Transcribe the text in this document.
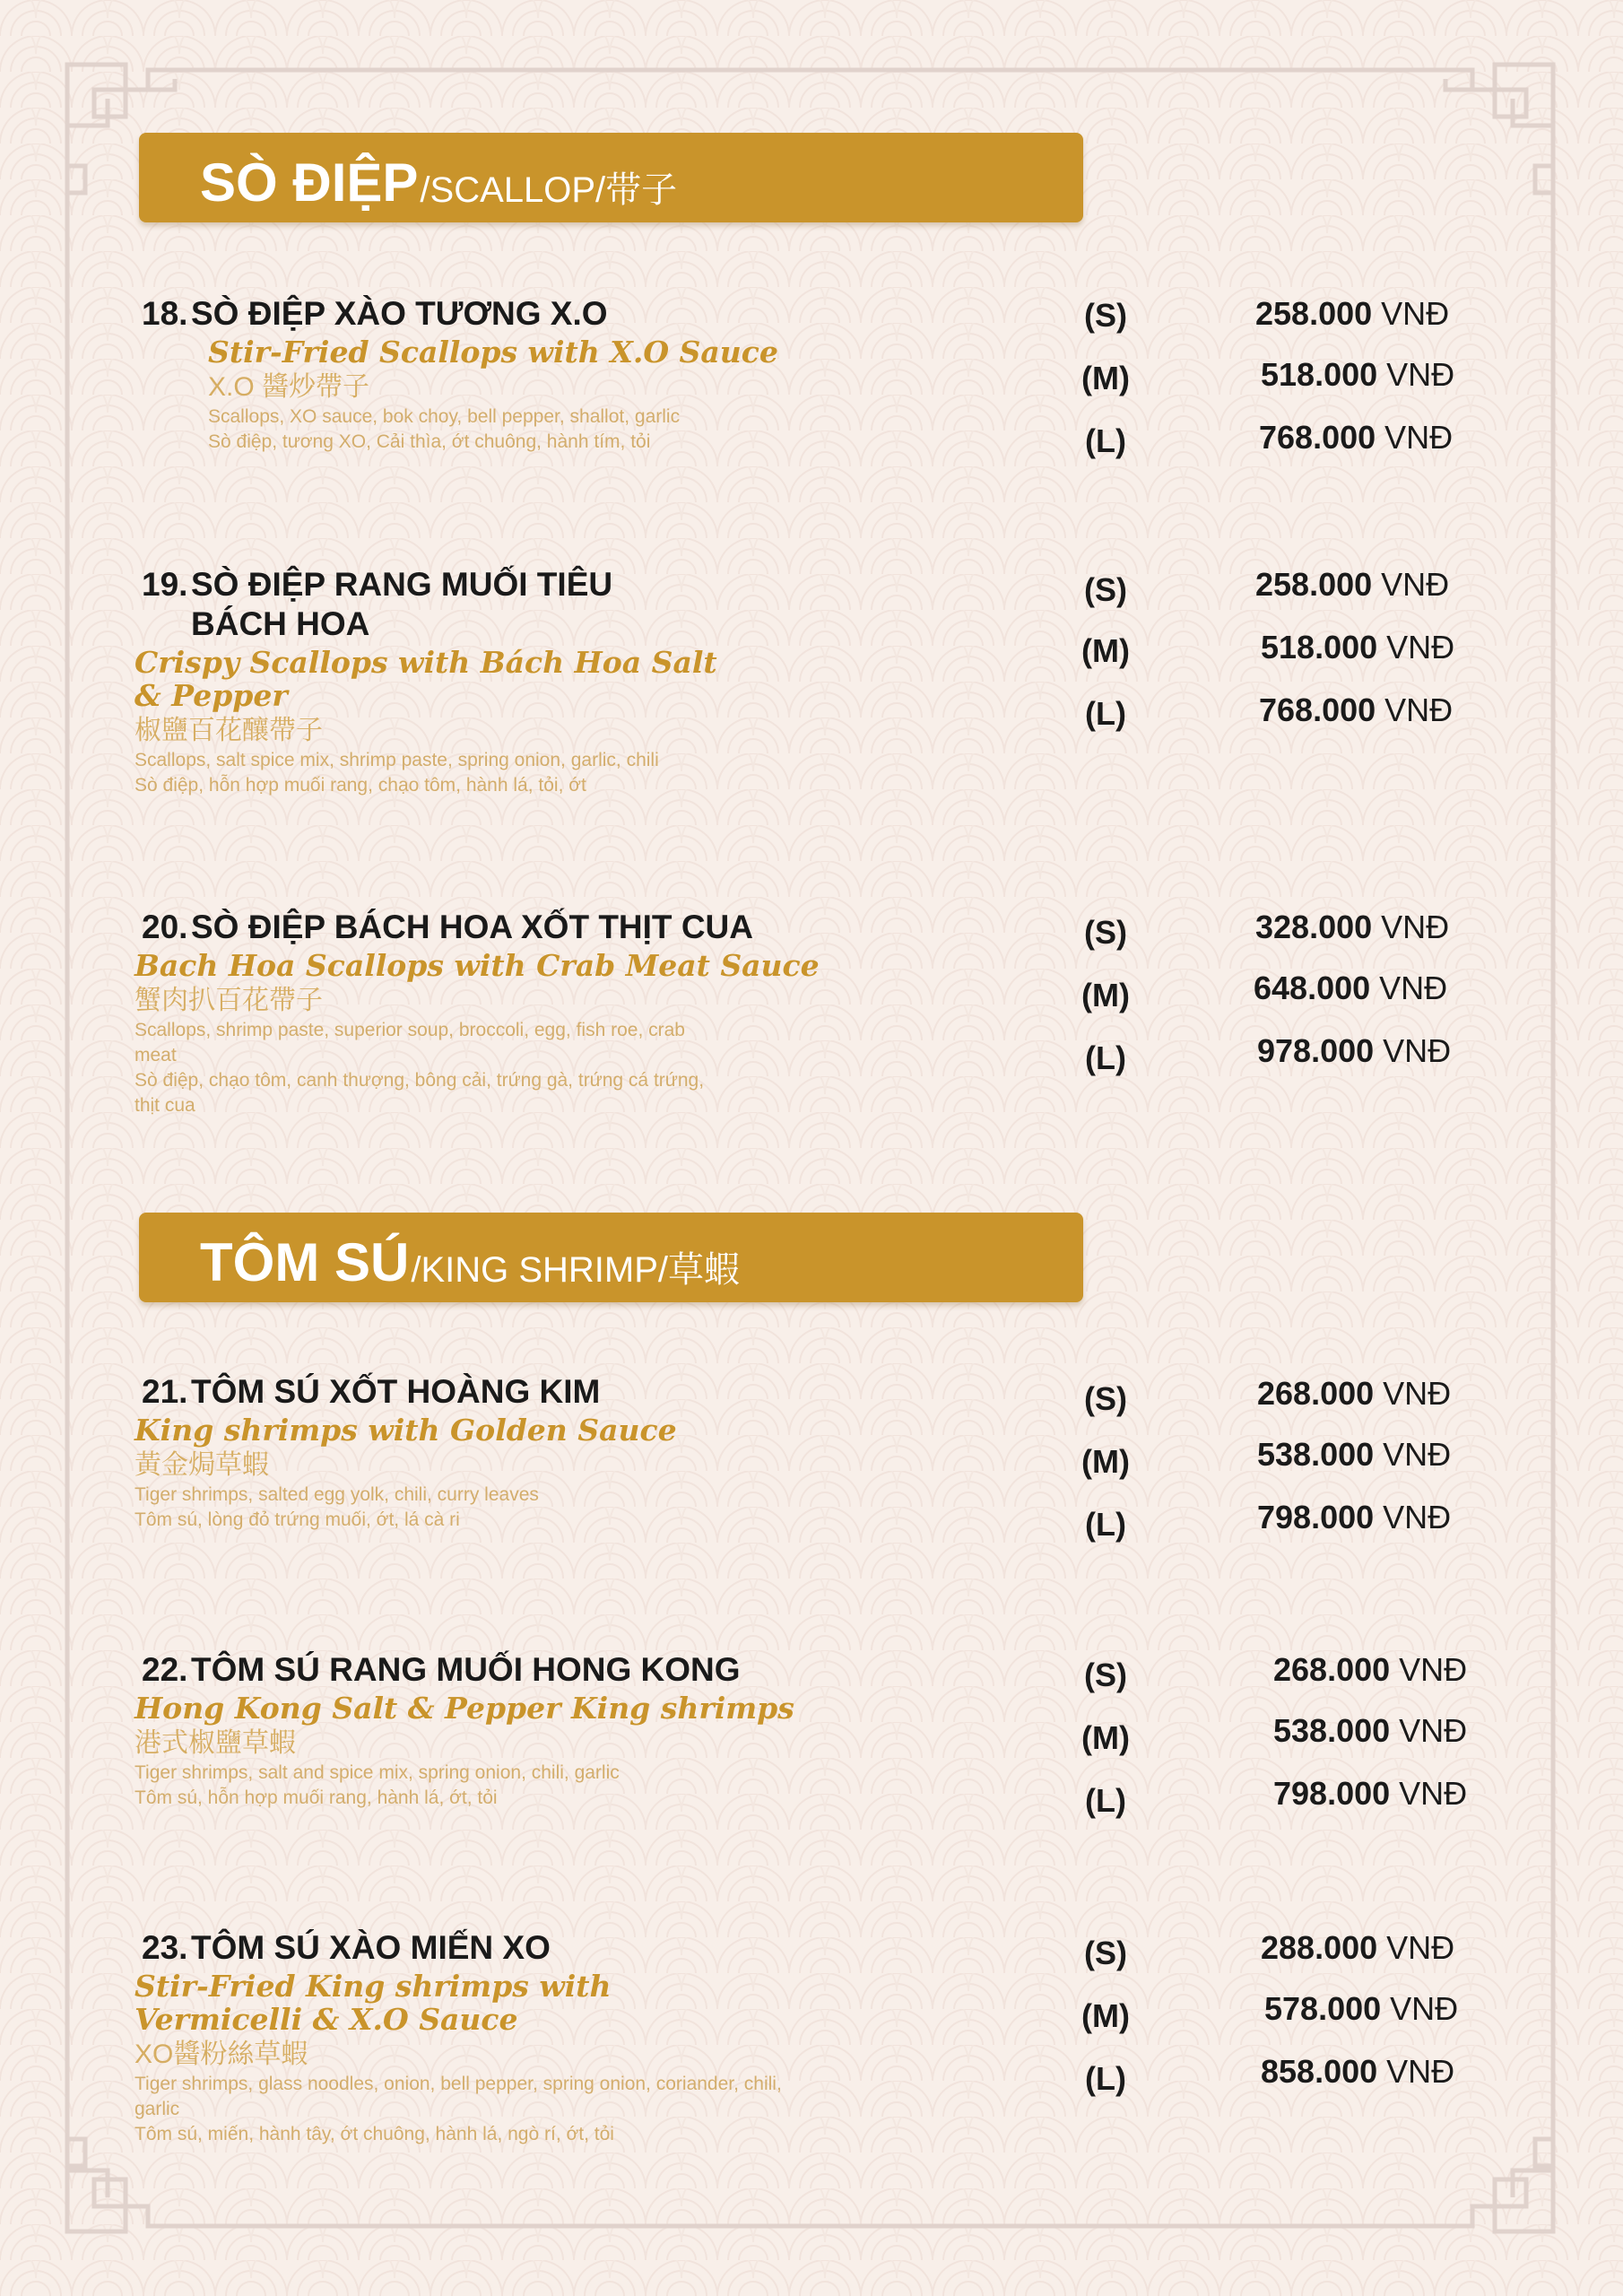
SÒ ĐIỆP /SCALLOP/带子
TÔM SÚ /KING SHRIMP/草蝦
18. SÒ ĐIỆP XÀO TƯƠNG X.O
Stir-Fried Scallops with X.O Sauce
X.O 醬炒帶子
Scallops, XO sauce, bok choy, bell pepper, shallot, garlic
Sò điệp, tương XO, Cải thìa, ớt chuông, hành tím, tỏi
(S)
(M)
(L)
258.000 VNĐ
518.000 VNĐ
768.000 VNĐ
19. SÒ ĐIỆP RANG MUỐI TIÊU BÁCH HOA
Crispy Scallops with Bách Hoa Salt & Pepper
椒鹽百花釀帶子
Scallops, salt spice mix, shrimp paste, spring onion, garlic, chili
Sò điệp, hỗn hợp muối rang, chạo tôm, hành lá, tỏi, ớt
(S)
(M)
(L)
258.000 VNĐ
518.000 VNĐ
768.000 VNĐ
20. SÒ ĐIỆP BÁCH HOA XỐT THỊT CUA
Bach Hoa Scallops with Crab Meat Sauce
蟹肉扒百花帶子
Scallops, shrimp paste, superior soup, broccoli, egg, fish roe, crab meat
Sò điệp, chạo tôm, canh thượng, bông cải, trứng gà, trứng cá trứng, thịt cua
(S)
(M)
(L)
328.000 VNĐ
648.000 VNĐ
978.000 VNĐ
21. TÔM SÚ XỐT HOÀNG KIM
King shrimps with Golden Sauce
黃金焗草蝦
Tiger shrimps, salted egg yolk, chili, curry leaves
Tôm sú, lòng đỏ trứng muối, ớt, lá cà ri
(S)
(M)
(L)
268.000 VNĐ
538.000 VNĐ
798.000 VNĐ
22. TÔM SÚ RANG MUỐI HONG KONG
Hong Kong Salt & Pepper King shrimps
港式椒鹽草蝦
Tiger shrimps, salt and spice mix, spring onion, chili, garlic
Tôm sú, hỗn hợp muối rang, hành lá, ớt, tỏi
(S)
(M)
(L)
268.000 VNĐ
538.000 VNĐ
798.000 VNĐ
23. TÔM SÚ XÀO MIẾN XO
Stir-Fried King shrimps with Vermicelli & X.O Sauce
XO醬粉絲草蝦
Tiger shrimps, glass noodles, onion, bell pepper, spring onion, coriander, chili, garlic
Tôm sú, miến, hành tây, ớt chuông, hành lá, ngò rí, ớt, tỏi
(S)
(M)
(L)
288.000 VNĐ
578.000 VNĐ
858.000 VNĐ
